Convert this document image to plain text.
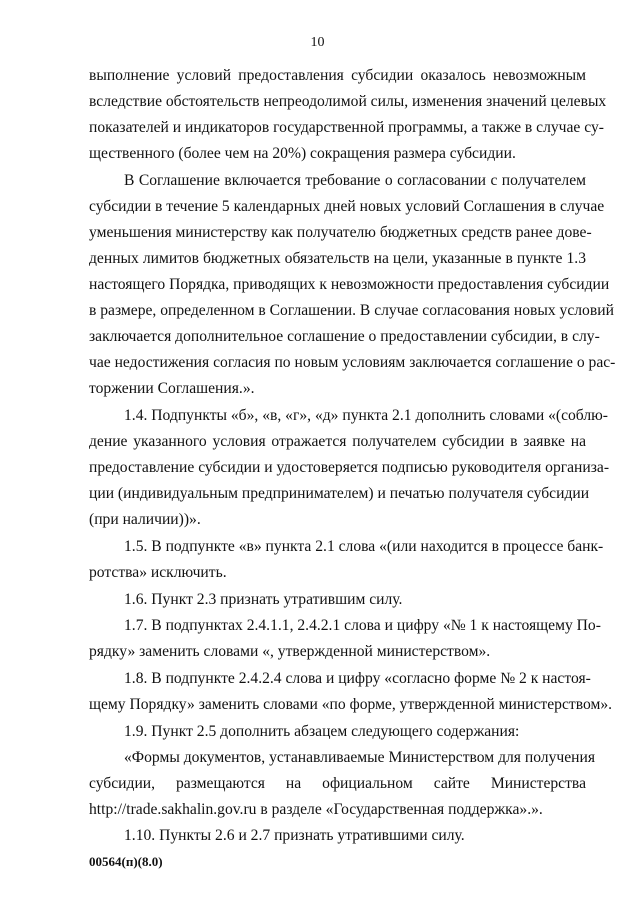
10
выполнение условий предоставления субсидии оказалось невозможным
вследствие обстоятельств непреодолимой силы, изменения значений целевых
показателей и индикаторов государственной программы, а также в случае су-
щественного (более чем на 20%) сокращения размера субсидии.
В Соглашение включается требование о согласовании с получателем
субсидии в течение 5 календарных дней новых условий Соглашения в случае
уменьшения министерству как получателю бюджетных средств ранее дове-
денных лимитов бюджетных обязательств на цели, указанные в пункте 1.3
настоящего Порядка, приводящих к невозможности предоставления субсидии
в размере, определенном в Соглашении. В случае согласования новых условий
заключается дополнительное соглашение о предоставлении субсидии, в слу-
чае недостижения согласия по новым условиям заключается соглашение о рас-
торжении Соглашения.».
1.4. Подпункты «б», «в, «г», «д» пункта 2.1 дополнить словами «(соблю-
дение указанного условия отражается получателем субсидии в заявке на
предоставление субсидии и удостоверяется подписью руководителя организа-
ции (индивидуальным предпринимателем) и печатью получателя субсидии
(при наличии))».
1.5. В подпункте «в» пункта 2.1 слова «(или находится в процессе банк-
ротства» исключить.
1.6. Пункт 2.3 признать утратившим силу.
1.7. В подпунктах 2.4.1.1, 2.4.2.1 слова и цифру «№ 1 к настоящему По-
рядку» заменить словами «, утвержденной министерством».
1.8. В подпункте 2.4.2.4 слова и цифру «согласно форме № 2 к настоя-
щему Порядку» заменить словами «по форме, утвержденной министерством».
1.9. Пункт 2.5 дополнить абзацем следующего содержания:
«Формы документов, устанавливаемые Министерством для получения
субсидии, размещаются на официальном сайте Министерства
http://trade.sakhalin.gov.ru в разделе «Государственная поддержка».».
1.10. Пункты 2.6 и 2.7 признать утратившими силу.
00564(п)(8.0)
